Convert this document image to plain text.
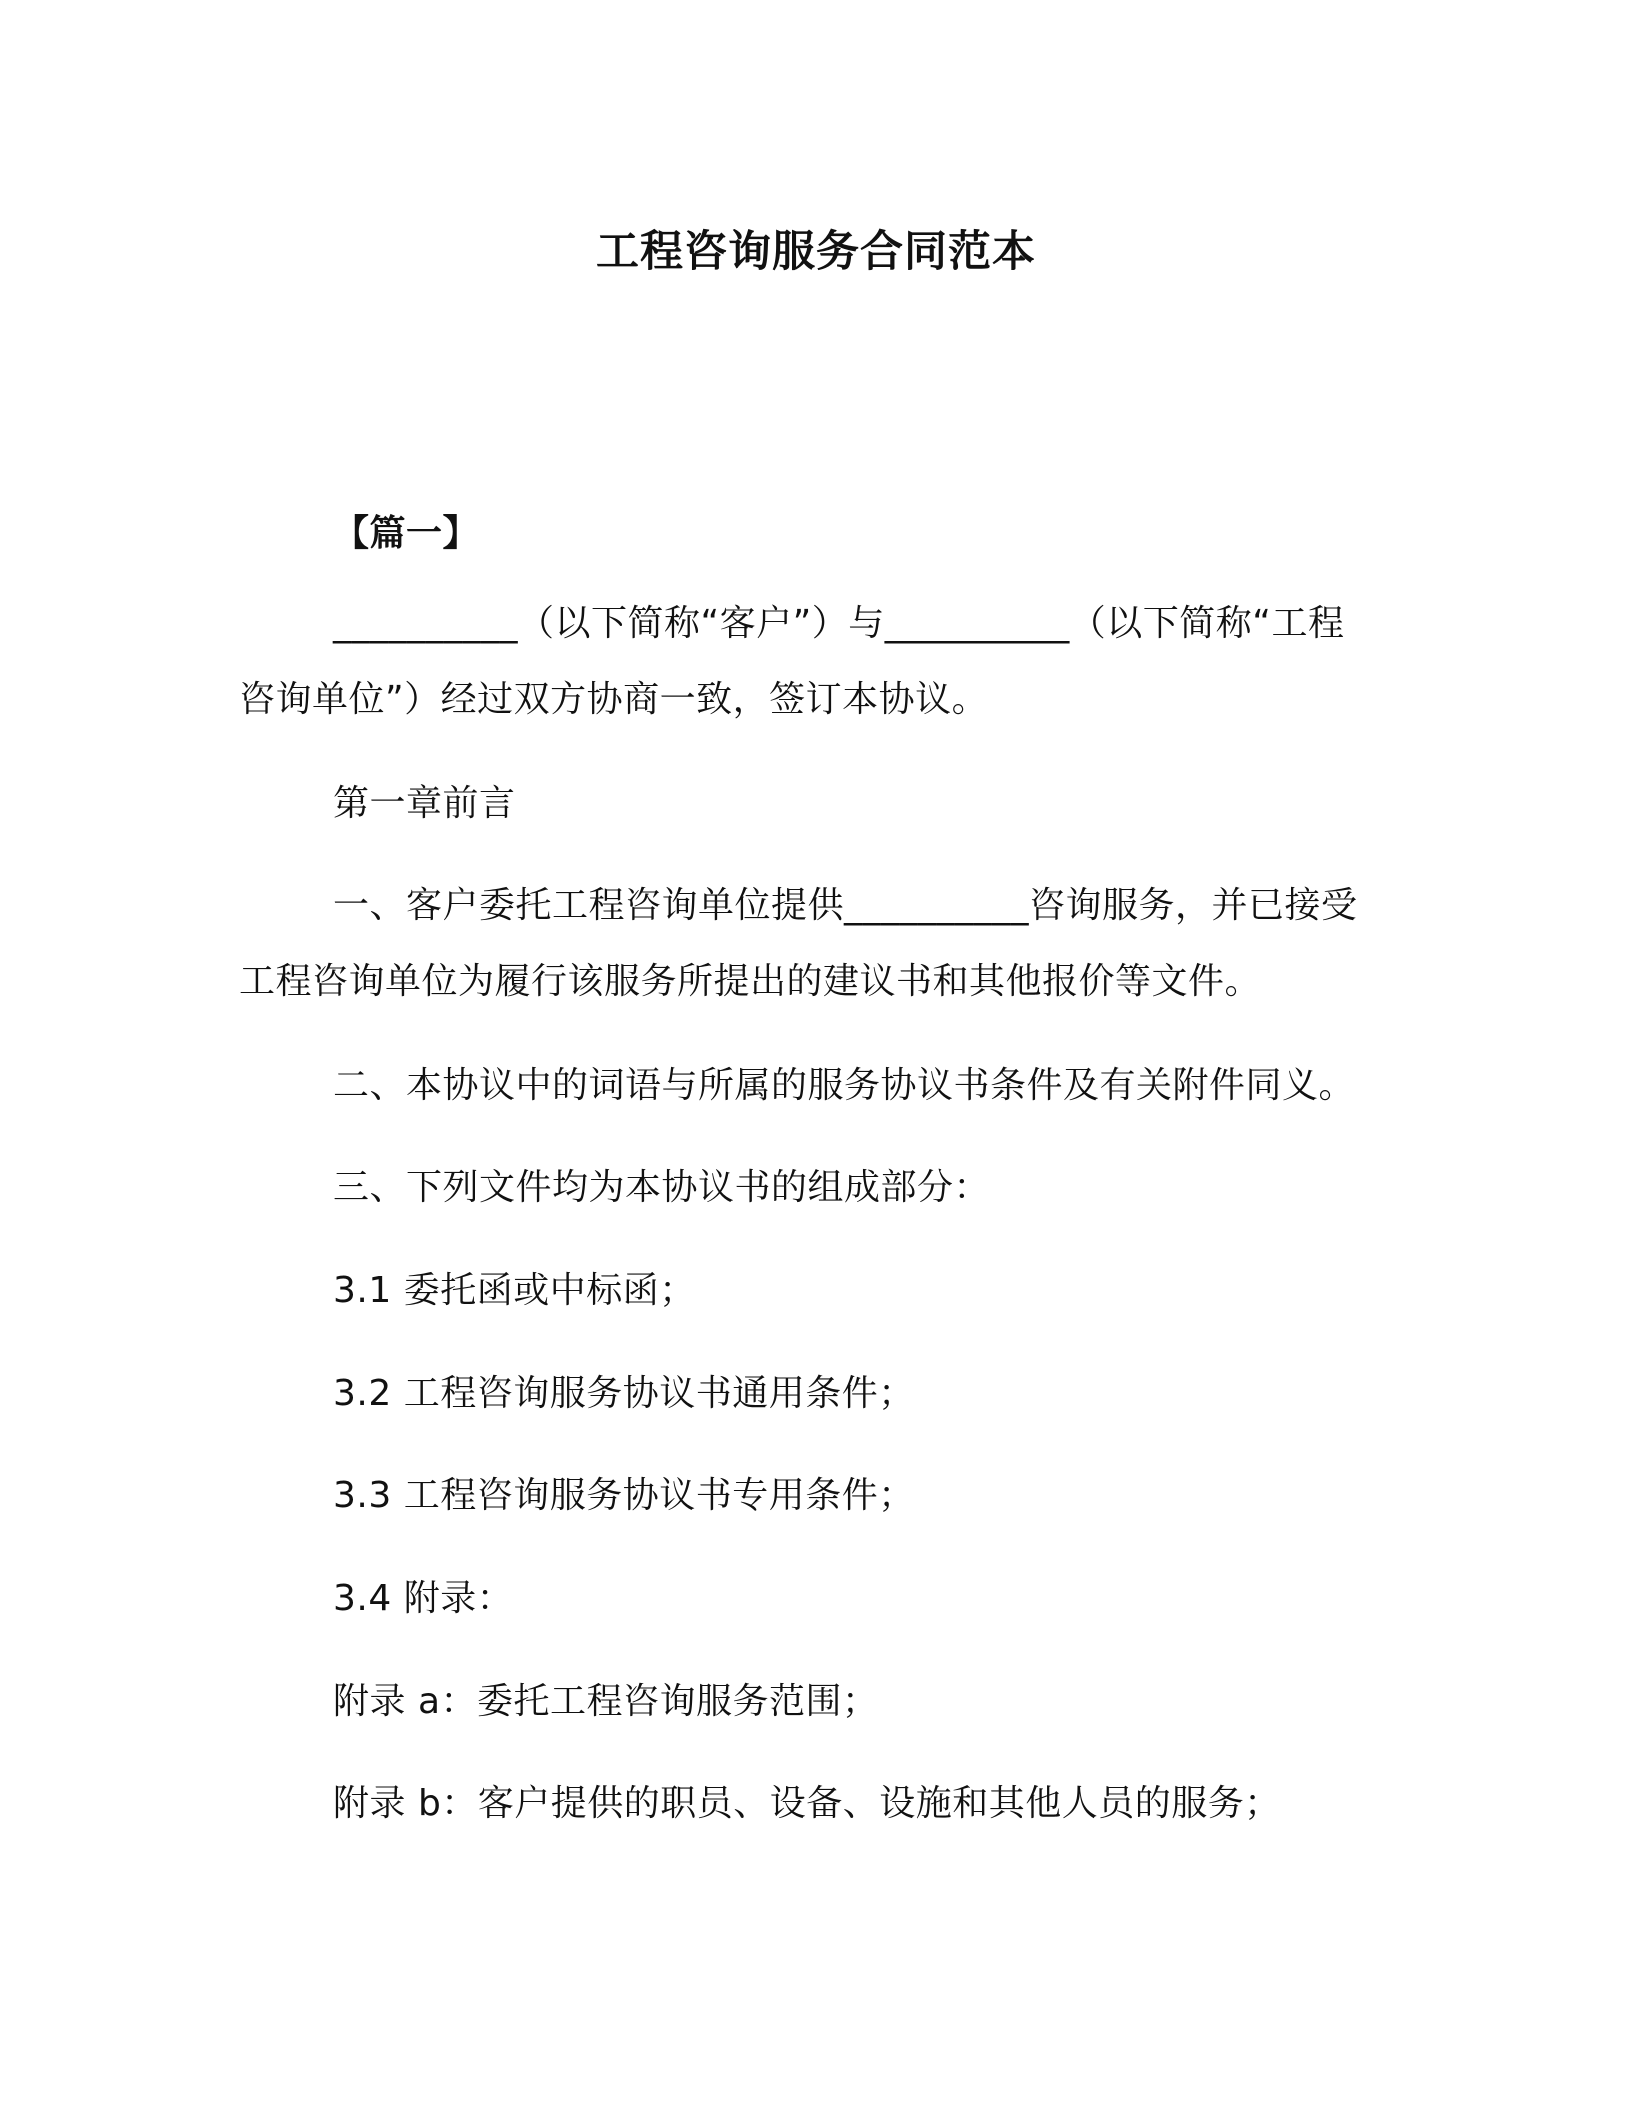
工程咨询服务合同范本
【篇一】
__________（以下简称“客户”）与__________（以下简称“工程咨询单位”）经过双方协商一致，签订本协议。
第一章前言
一、客户委托工程咨询单位提供__________咨询服务，并已接受工程咨询单位为履行该服务所提出的建议书和其他报价等文件。
二、本协议中的词语与所属的服务协议书条件及有关附件同义。
三、下列文件均为本协议书的组成部分：
3.1 委托函或中标函；
3.2 工程咨询服务协议书通用条件；
3.3 工程咨询服务协议书专用条件；
3.4 附录：
附录 a：委托工程咨询服务范围；
附录 b：客户提供的职员、设备、设施和其他人员的服务；
